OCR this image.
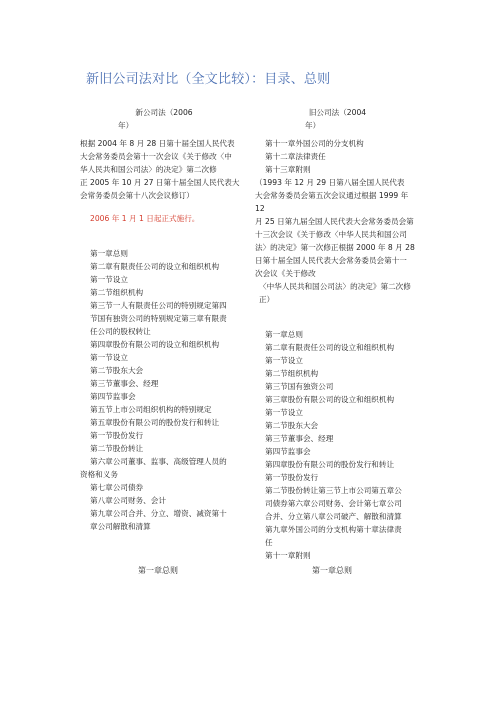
新旧公司法对比（全文比较）：目录、总则
新公司法（2006
年）
根据 2004 年 8 月 28 日第十届全国人民代表
大会常务委员会第十一次会议《关于修改〈中
华人民共和国公司法〉的决定》第二次修
正 2005 年 10 月 27 日第十届全国人民代表大
会常务委员会第十八次会议修订）
2006 年 1 月 1 日起正式施行。
第一章总则
第二章有限责任公司的设立和组织机构
第一节设立
第二节组织机构
第三节一人有限责任公司的特别规定第四
节国有独资公司的特别规定第三章有限责
任公司的股权转让
第四章股份有限公司的设立和组织机构
第一节设立
第二节股东大会
第三节董事会、经理
第四节监事会
第五节上市公司组织机构的特别规定
第五章股份有限公司的股份发行和转让
第一节股份发行
第二节股份转让
第六章公司董事、监事、高级管理人员的
资格和义务
第七章公司债券
第八章公司财务、会计
第九章公司合并、分立、增资、减资第十
章公司解散和清算
旧公司法（2004
年）
第十一章外国公司的分支机构
第十二章法律责任
第十三章附则
（1993 年 12 月 29 日第八届全国人民代表
大会常务委员会第五次会议通过根据 1999 年 12
月 25 日第九届全国人民代表大会常务委员会第
十三次会议《关于修改〈中华人民共和国公司
法〉的决定》第一次修正根据 2000 年 8 月 28
日第十届全国人民代表大会常务委员会第十一
次会议《关于修改
〈中华人民共和国公司法〉的决定》第二次修
正）
第一章总则
第二章有限责任公司的设立和组织机构
第一节设立
第二节组织机构
第三节国有独资公司
第三章股份有限公司的设立和组织机构
第一节设立
第二节股东大会
第三节董事会、经理
第四节监事会
第四章股份有限公司的股份发行和转让
第一节股份发行
第二节股份转让第三节上市公司第五章公
司债券第六章公司财务、会计第七章公司
合并、分立第八章公司破产、解散和清算
第九章外国公司的分支机构第十章法律责
任
第十一章附则
第一章总则	第一章总则
